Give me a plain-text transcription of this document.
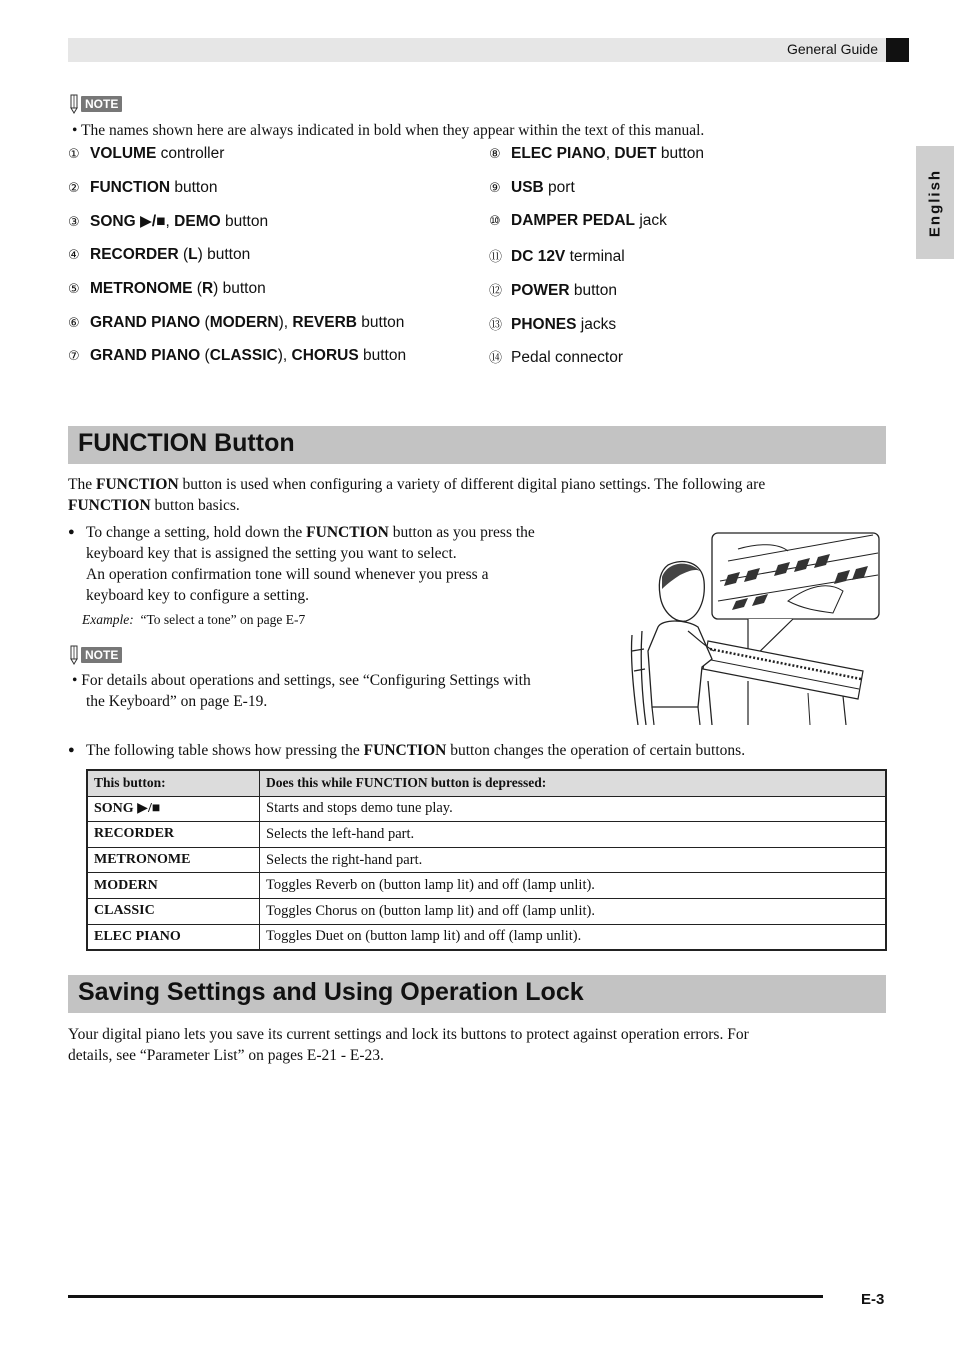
General Guide
English
NOTE
• The names shown here are always indicated in bold when they appear within the text of this manual.
① VOLUME controller
② FUNCTION button
③ SONG ▶/■, DEMO button
④ RECORDER (L) button
⑤ METRONOME (R) button
⑥ GRAND PIANO (MODERN), REVERB button
⑦ GRAND PIANO (CLASSIC), CHORUS button
⑧ ELEC PIANO, DUET button
⑨ USB port
⑩ DAMPER PEDAL jack
⑪ DC 12V terminal
⑫ POWER button
⑬ PHONES jacks
⑭ Pedal connector
FUNCTION Button
The FUNCTION button is used when configuring a variety of different digital piano settings. The following are
FUNCTION button basics.
● To change a setting, hold down the FUNCTION button as you press the
keyboard key that is assigned the setting you want to select.
An operation confirmation tone will sound whenever you press a
keyboard key to configure a setting.
Example: “To select a tone” on page E-7
NOTE
• For details about operations and settings, see “Configuring Settings with
the Keyboard” on page E-19.
● The following table shows how pressing the FUNCTION button changes the operation of certain buttons.
This button:	Does this while FUNCTION button is depressed:
SONG ▶/■	Starts and stops demo tune play.
RECORDER	Selects the left-hand part.
METRONOME	Selects the right-hand part.
MODERN	Toggles Reverb on (button lamp lit) and off (lamp unlit).
CLASSIC	Toggles Chorus on (button lamp lit) and off (lamp unlit).
ELEC PIANO	Toggles Duet on (button lamp lit) and off (lamp unlit).
Saving Settings and Using Operation Lock
Your digital piano lets you save its current settings and lock its buttons to protect against operation errors. For
details, see “Parameter List” on pages E-21 - E-23.
E-3
